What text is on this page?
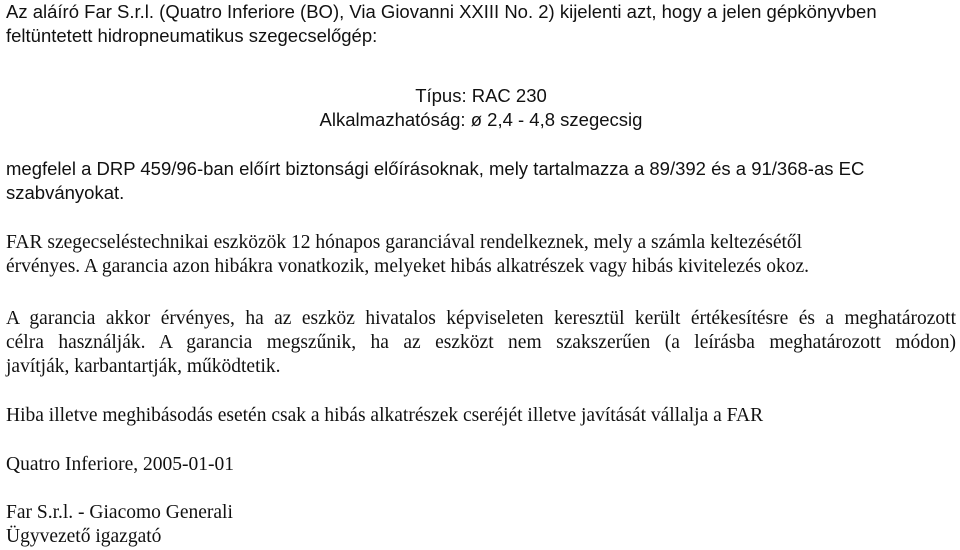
Az aláíró Far S.r.l. (Quatro Inferiore (BO), Via Giovanni XXIII No. 2) kijelenti azt, hogy a jelen gépkönyvben
feltüntetett hidropneumatikus szegecselőgép:
Típus: RAC 230
Alkalmazhatóság: ø 2,4 - 4,8 szegecsig
megfelel a DRP 459/96-ban előírt biztonsági előírásoknak, mely tartalmazza a 89/392 és a 91/368-as EC
szabványokat.
FAR szegecseléstechnikai eszközök 12 hónapos garanciával rendelkeznek, mely a számla keltezésétől
érvényes. A garancia azon hibákra vonatkozik, melyeket hibás alkatrészek vagy hibás kivitelezés okoz.
A garancia akkor érvényes, ha az eszköz hivatalos képviseleten keresztül került értékesítésre és a meghatározott
célra használják. A garancia megszűnik, ha az eszközt nem szakszerűen (a leírásba meghatározott módon)
javítják, karbantartják, működtetik.
Hiba illetve meghibásodás esetén csak a hibás alkatrészek cseréjét illetve javítását vállalja a FAR
Quatro Inferiore, 2005-01-01
Far S.r.l. - Giacomo Generali
Ügyvezető igazgató
